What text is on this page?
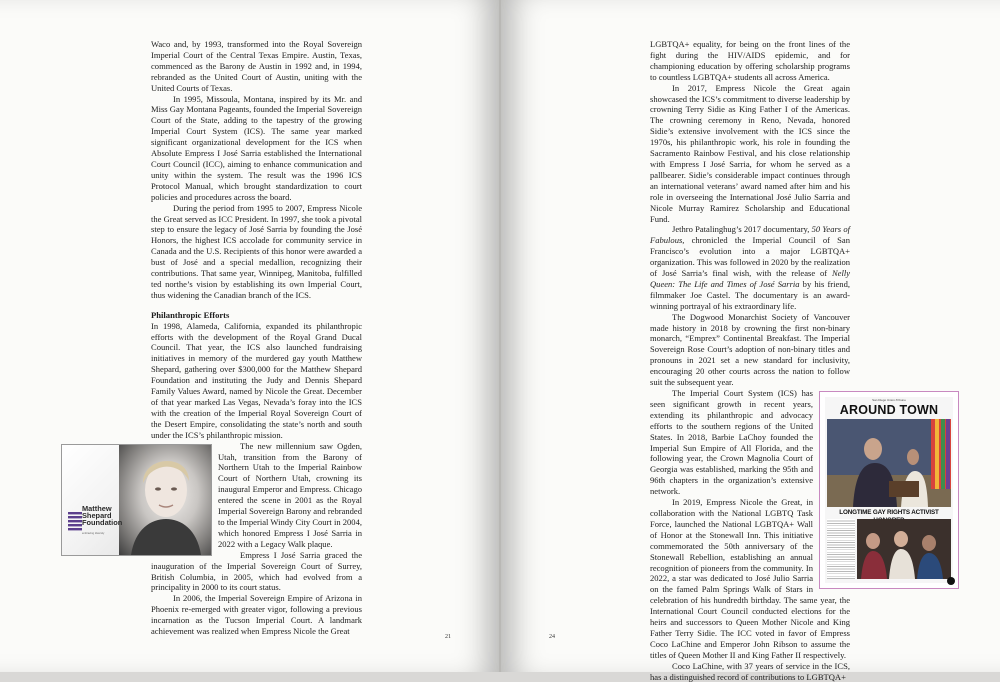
Waco and, by 1993, transformed into the Royal Sovereign Imperial Court of the Central Texas Empire. Austin, Texas, commenced as the Barony de Austin in 1992 and, in 1994, rebranded as the United Court of Austin, uniting with the United Courts of Texas.

In 1995, Missoula, Montana, inspired by its Mr. and Miss Gay Montana Pageants, founded the Imperial Sovereign Court of the State, adding to the tapestry of the growing Imperial Court System (ICS). The same year marked significant organizational development for the ICS when Absolute Empress I José Sarria established the International Court Council (ICC), aiming to enhance communication and unity within the system. The result was the 1996 ICS Protocol Manual, which brought standardization to court policies and procedures across the board.

During the period from 1995 to 2007, Empress Nicole the Great served as ICC President. In 1997, she took a pivotal step to ensure the legacy of José Sarria by founding the José Honors, the highest ICS accolade for community service in Canada and the U.S. Recipients of this honor were awarded a bust of José and a special medallion, recognizing their contributions. That same year, Winnipeg, Manitoba, fulfilled ted northe’s vision by establishing its own Imperial Court, thus widening the Canadian branch of the ICS.

Philanthropic Efforts

In 1998, Alameda, California, expanded its philanthropic efforts with the development of the Royal Grand Ducal Council. That year, the ICS also launched fundraising initiatives in memory of the murdered gay youth Matthew Shepard, gathering over $300,000 for the Matthew Shepard Foundation and instituting the Judy and Dennis Shepard Family Values Award, named by Nicole the Great. December of that year marked Las Vegas, Nevada’s foray into the ICS with the creation of the Imperial Royal Sovereign Court of the Desert Empire, consolidating the state’s north and south under the ICS’s philanthropic mission.

Matthew
Shepard
Foundation
embracing diversity

The new millennium saw Ogden, Utah, transition from the Barony of Northern Utah to the Imperial Rainbow Court of Northern Utah, crowning its inaugural Emperor and Empress. Chicago entered the scene in 2001 as the Royal Imperial Sovereign Barony and rebranded to the Imperial Windy City Court in 2004, which honored Empress I José Sarria in 2022 with a Legacy Walk plaque.

Empress I José Sarria graced the inauguration of the Imperial Sovereign Court of Surrey, British Columbia, in 2005, which had evolved from a principality in 2000 to its court status.

In 2006, the Imperial Sovereign Empire of Arizona in Phoenix re-emerged with greater vigor, following a previous incarnation as the Tucson Imperial Court. A landmark achievement was realized when Empress Nicole the Great

LGBTQA+ equality, for being on the front lines of the fight during the HIV/AIDS epidemic, and for championing education by offering scholarship programs to countless LGBTQA+ students all across America.

In 2017, Empress Nicole the Great again showcased the ICS’s commitment to diverse leadership by crowning Terry Sidie as King Father I of the Americas. The crowning ceremony in Reno, Nevada, honored Sidie’s extensive involvement with the ICS since the 1970s, his philanthropic work, his role in founding the Sacramento Rainbow Festival, and his close relationship with Empress I José Sarria, for whom he served as a pallbearer. Sidie’s considerable impact continues through an international veterans’ award named after him and his role in overseeing the International José Julio Sarria and Nicole Murray Ramirez Scholarship and Educational Fund.

Jethro Patalinghug’s 2017 documentary, 50 Years of Fabulous, chronicled the Imperial Council of San Francisco’s evolution into a major LGBTQA+ organization. This was followed in 2020 by the realization of José Sarria’s final wish, with the release of Nelly Queen: The Life and Times of José Sarria by his friend, filmmaker Joe Castel. The documentary is an award-winning portrayal of his extraordinary life.

The Dogwood Monarchist Society of Vancouver made history in 2018 by crowning the first non-binary monarch, “Emprex” Continental Breakfast. The Imperial Sovereign Rose Court’s adoption of non-binary titles and pronouns in 2021 set a new standard for inclusivity, encouraging 20 other courts across the nation to follow suit the subsequent year.

San Diego Union-Tribune
AROUND TOWN
LONGTIME GAY RIGHTS ACTIVIST

The Imperial Court System (ICS) has seen significant growth in recent years, extending its philanthropic and advocacy efforts to the southern regions of the United States. In 2018, Barbie LaChoy founded the Imperial Sun Empire of All Florida, and the following year, the Crown Magnolia Court of Georgia was established, marking the 95th and 96th chapters in the organization’s extensive network.

In 2019, Empress Nicole the Great, in collaboration with the National LGBTQ Task Force, launched the National LGBTQA+ Wall of Honor at the Stonewall Inn. This initiative commemorated the 50th anniversary of the Stonewall Rebellion, establishing an annual recognition of pioneers from the community. In 2022, a star was dedicated to José Julio Sarria on the famed Palm Springs Walk of Stars in celebration of his hundredth birthday. The same year, the International Court Council conducted elections for the heirs and successors to Queen Mother Nicole and King Father Terry Sidie. The ICC voted in favor of Empress Coco LaChine and Emperor John Ribson to assume the titles of Queen Mother II and King Father II respectively.

Coco LaChine, with 37 years of service in the ICS, has a distinguished record of contributions to LGBTQA+

21	24
